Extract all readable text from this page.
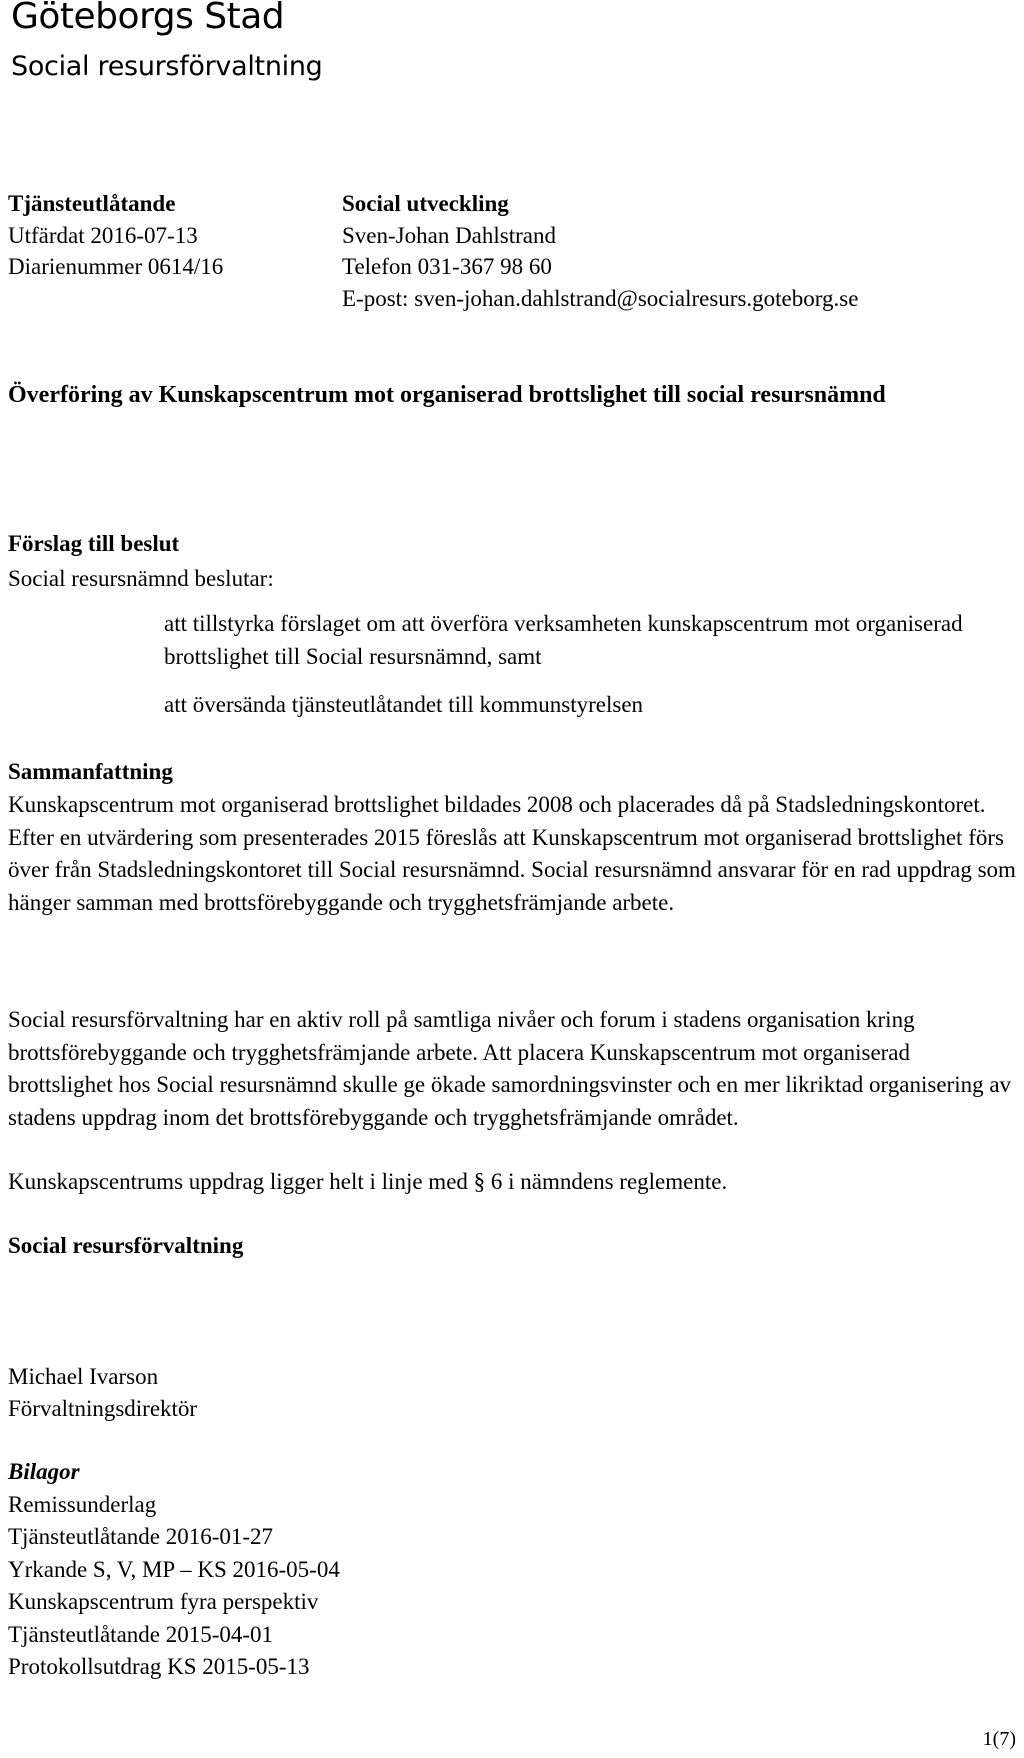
Göteborgs Stad
Social resursförvaltning
Tjänsteutlåtande
Utfärdat 2016-07-13
Diarienummer 0614/16
Social utveckling
Sven-Johan Dahlstrand
Telefon 031-367 98 60
E-post: sven-johan.dahlstrand@socialresurs.goteborg.se
Överföring av Kunskapscentrum mot organiserad brottslighet till social resursnämnd
Förslag till beslut
Social resursnämnd beslutar:
att tillstyrka förslaget om att överföra verksamheten kunskapscentrum mot organiserad brottslighet till Social resursnämnd, samt
att översända tjänsteutlåtandet till kommunstyrelsen
Sammanfattning
Kunskapscentrum mot organiserad brottslighet bildades 2008 och placerades då på Stadsledningskontoret. Efter en utvärdering som presenterades 2015 föreslås att Kunskapscentrum mot organiserad brottslighet förs över från Stadsledningskontoret till Social resursnämnd. Social resursnämnd ansvarar för en rad uppdrag som hänger samman med brottsförebyggande och trygghetsfrämjande arbete.
Social resursförvaltning har en aktiv roll på samtliga nivåer och forum i stadens organisation kring brottsförebyggande och trygghetsfrämjande arbete. Att placera Kunskapscentrum mot organiserad brottslighet hos Social resursnämnd skulle ge ökade samordningsvinster och en mer likriktad organisering av stadens uppdrag inom det brottsförebyggande och trygghetsfrämjande området.
Kunskapscentrums uppdrag ligger helt i linje med § 6 i nämndens reglemente.
Social resursförvaltning
Michael Ivarson
Förvaltningsdirektör
Bilagor
Remissunderlag
Tjänsteutlåtande 2016-01-27
Yrkande S, V, MP – KS 2016-05-04
Kunskapscentrum fyra perspektiv
Tjänsteutlåtande 2015-04-01
Protokollsutdrag KS 2015-05-13
1(7)
